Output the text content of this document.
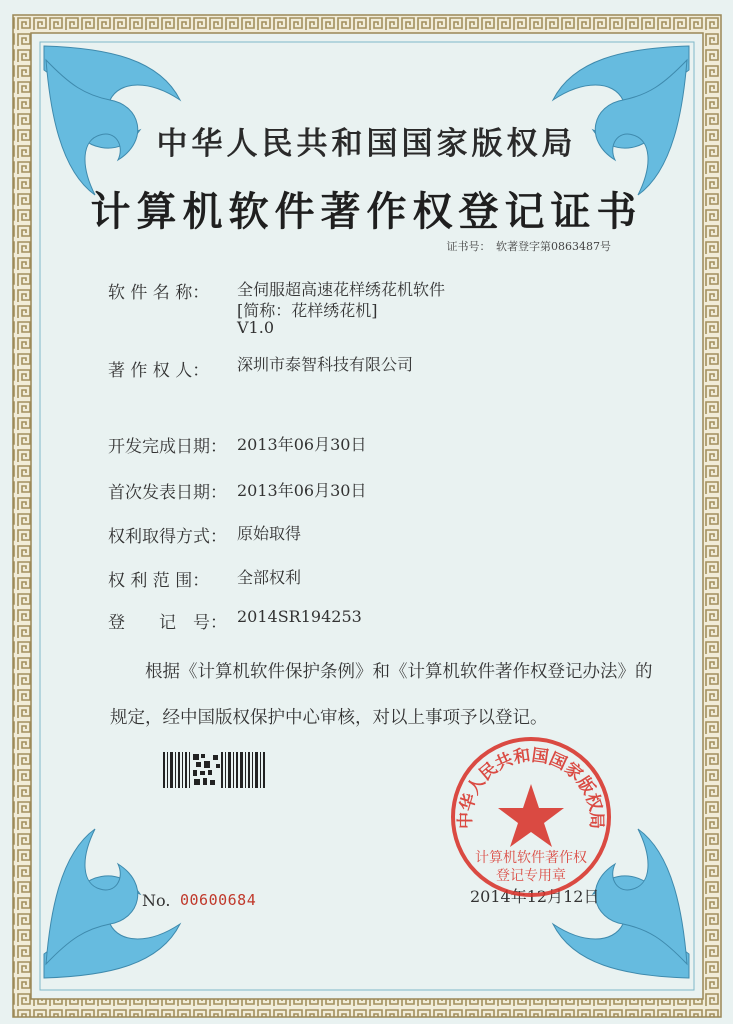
中华人民共和国国家版权局
计算机软件著作权登记证书
证书号：　软著登字第0863487号
软 件 名 称： 全伺服超高速花样绣花机软件
[简称：花样绣花机]
V1.0
著 作 权 人： 深圳市泰智科技有限公司
开发完成日期： 2013年06月30日
首次发表日期： 2013年06月30日
权利取得方式： 原始取得
权 利 范 围： 全部权利
登　　记　号： 2014SR194253
根据《计算机软件保护条例》和《计算机软件著作权登记办法》的
规定，经中国版权保护中心审核，对以上事项予以登记。
No. 00600684	2014年12月12日
中华人民共和国国家版权局
计算机软件著作权
登记专用章
